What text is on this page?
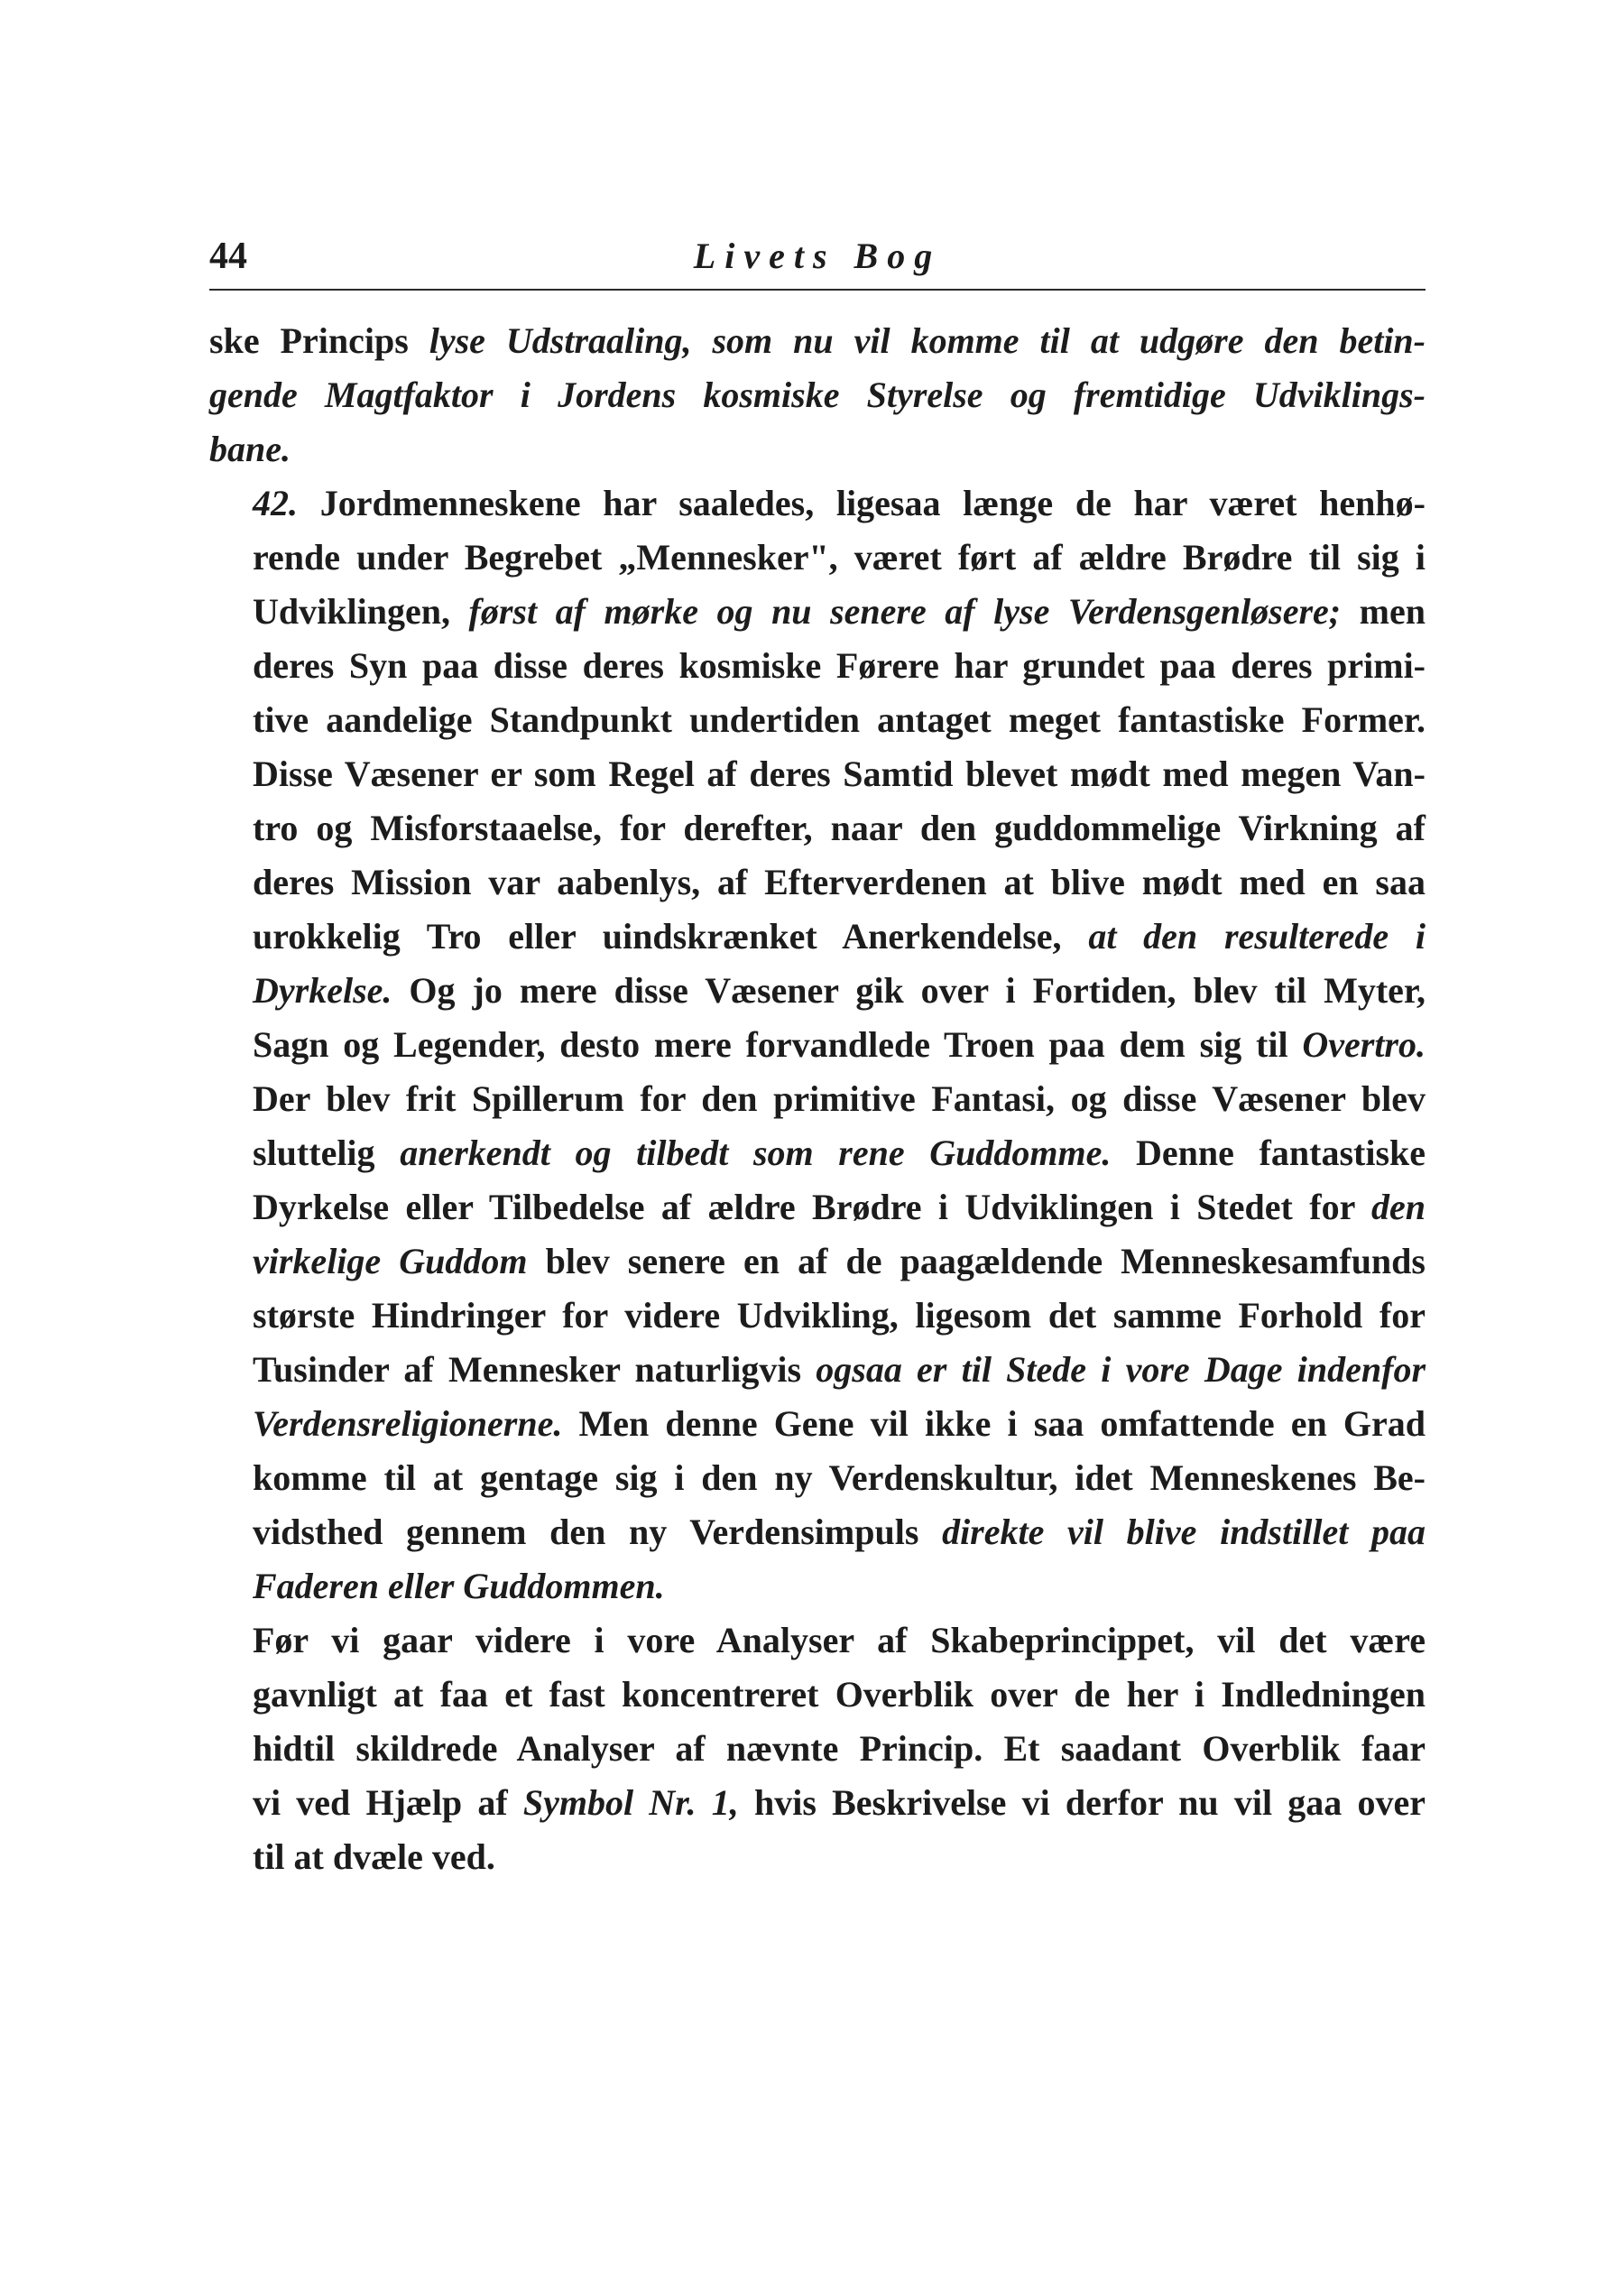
44	Livets Bog

ske Princips lyse Udstraaling, som nu vil komme til at udgøre den betin-
gende Magtfaktor i Jordens kosmiske Styrelse og fremtidige Udviklings-
bane.

42. Jordmenneskene har saaledes, ligesaa længe de har været henhø-
rende under Begrebet „Mennesker", været ført af ældre Brødre til sig i
Udviklingen, først af mørke og nu senere af lyse Verdensgenløsere; men
deres Syn paa disse deres kosmiske Førere har grundet paa deres primi-
tive aandelige Standpunkt undertiden antaget meget fantastiske Former.
Disse Væsener er som Regel af deres Samtid blevet mødt med megen Van-
tro og Misforstaaelse, for derefter, naar den guddommelige Virkning af
deres Mission var aabenlys, af Efterverdenen at blive mødt med en saa
urokkelig Tro eller uindskrænket Anerkendelse, at den resulterede i
Dyrkelse. Og jo mere disse Væsener gik over i Fortiden, blev til Myter,
Sagn og Legender, desto mere forvandlede Troen paa dem sig til Overtro.
Der blev frit Spillerum for den primitive Fantasi, og disse Væsener blev
sluttelig anerkendt og tilbedt som rene Guddomme. Denne fantastiske
Dyrkelse eller Tilbedelse af ældre Brødre i Udviklingen i Stedet for den
virkelige Guddom blev senere en af de paagældende Menneskesamfunds
største Hindringer for videre Udvikling, ligesom det samme Forhold for
Tusinder af Mennesker naturligvis ogsaa er til Stede i vore Dage indenfor
Verdensreligionerne. Men denne Gene vil ikke i saa omfattende en Grad
komme til at gentage sig i den ny Verdenskultur, idet Menneskenes Be-
vidsthed gennem den ny Verdensimpuls direkte vil blive indstillet paa
Faderen eller Guddommen.

Før vi gaar videre i vore Analyser af Skabeprincippet, vil det være
gavnligt at faa et fast koncentreret Overblik over de her i Indledningen
hidtil skildrede Analyser af nævnte Princip. Et saadant Overblik faar
vi ved Hjælp af Symbol Nr. 1, hvis Beskrivelse vi derfor nu vil gaa over
til at dvæle ved.
